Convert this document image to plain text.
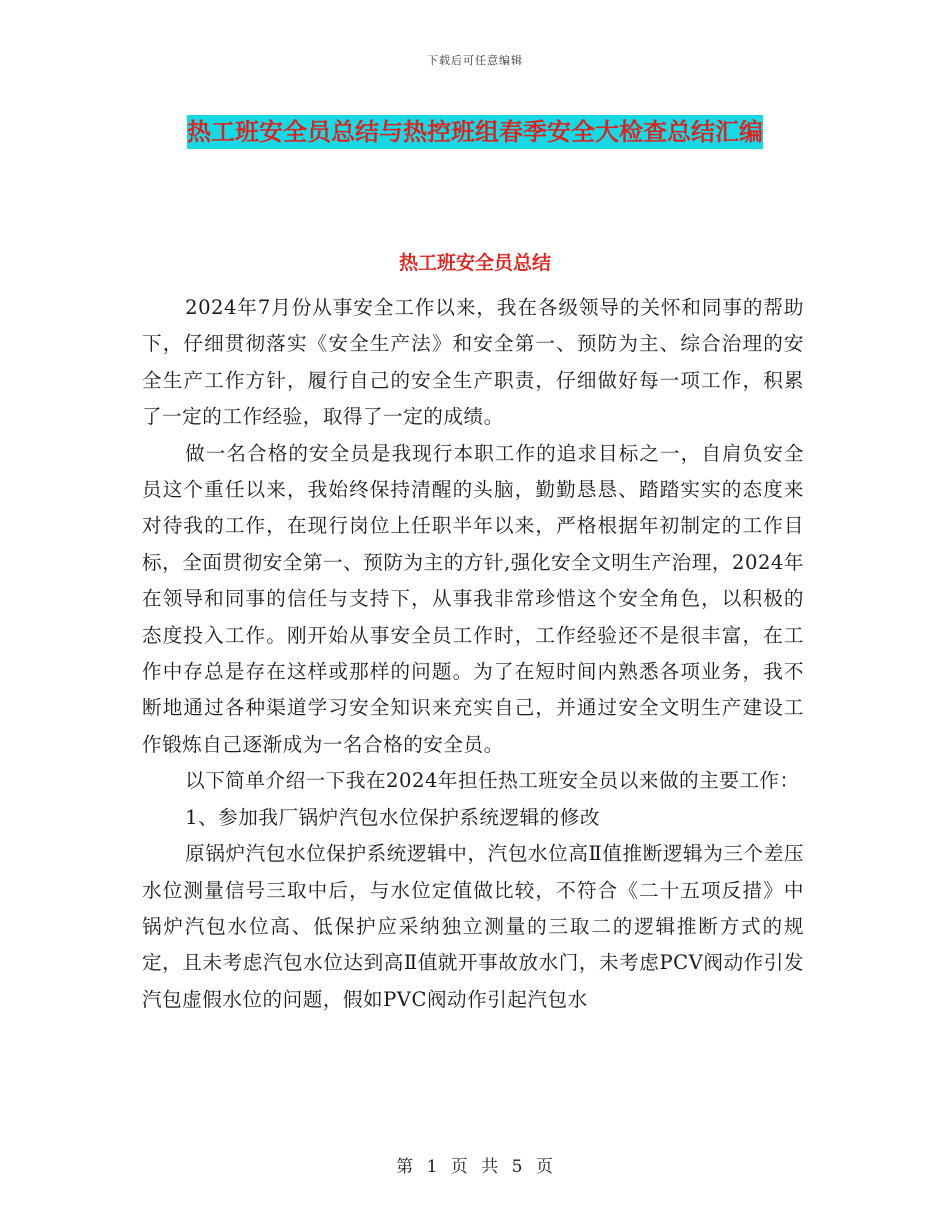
下载后可任意编辑
热工班安全员总结与热控班组春季安全大检查总结汇编
热工班安全员总结

2024年7月份从事安全工作以来，我在各级领导的关怀和同事的帮助下，仔细贯彻落实《安全生产法》和安全第一、预防为主、综合治理的安全生产工作方针，履行自己的安全生产职责，仔细做好每一项工作，积累了一定的工作经验，取得了一定的成绩。

做一名合格的安全员是我现行本职工作的追求目标之一，自肩负安全员这个重任以来，我始终保持清醒的头脑，勤勤恳恳、踏踏实实的态度来对待我的工作，在现行岗位上任职半年以来，严格根据年初制定的工作目标，全面贯彻安全第一、预防为主的方针,强化安全文明生产治理，2024年在领导和同事的信任与支持下，从事我非常珍惜这个安全角色，以积极的态度投入工作。刚开始从事安全员工作时，工作经验还不是很丰富，在工作中存总是存在这样或那样的问题。为了在短时间内熟悉各项业务，我不断地通过各种渠道学习安全知识来充实自己，并通过安全文明生产建设工作锻炼自己逐渐成为一名合格的安全员。

以下简单介绍一下我在2024年担任热工班安全员以来做的主要工作：

1、参加我厂锅炉汽包水位保护系统逻辑的修改

原锅炉汽包水位保护系统逻辑中，汽包水位高Ⅱ值推断逻辑为三个差压水位测量信号三取中后，与水位定值做比较，不符合《二十五项反措》中锅炉汽包水位高、低保护应采纳独立测量的三取二的逻辑推断方式的规定，且未考虑汽包水位达到高Ⅱ值就开事故放水门，未考虑PCV阀动作引发汽包虚假水位的问题，假如PVC阀动作引起汽包水

第 1 页 共 5 页
